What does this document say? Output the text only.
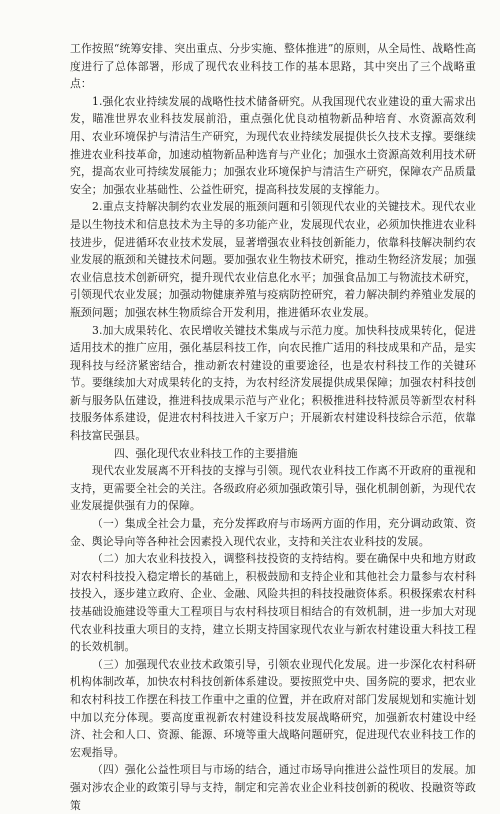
工作按照“统筹安排、突出重点、分步实施、整体推进”的原则，从全局性、战略性高度进行了总体部署，形成了现代农业科技工作的基本思路，其中突出了三个战略重点：

1.强化农业持续发展的战略性技术储备研究。从我国现代农业建设的重大需求出发，瞄准世界农业科技发展前沿，重点强化优良动植物新品种培育、水资源高效利用、农业环境保护与清洁生产研究，为现代农业持续发展提供长久技术支撑。要继续推进农业科技革命，加速动植物新品种选育与产业化；加强水土资源高效利用技术研究，提高农业可持续发展能力；加强农业环境保护与清洁生产研究，保障农产品质量安全；加强农业基础性、公益性研究，提高科技发展的支撑能力。

2.重点支持解决制约农业发展的瓶颈问题和引领现代农业的关键技术。现代农业是以生物技术和信息技术为主导的多功能产业，发展现代农业，必须加快推进农业科技进步，促进循环农业技术发展，显著增强农业科技创新能力，依靠科技解决制约农业发展的瓶颈和关键技术问题。要加强农业生物技术研究，推动生物经济发展；加强农业信息技术创新研究，提升现代农业信息化水平；加强食品加工与物流技术研究，引领现代农业发展；加强动物健康养殖与疫病防控研究，着力解决制约养殖业发展的瓶颈问题；加强农林生物质综合开发利用，推进循环农业发展。

3.加大成果转化、农民增收关键技术集成与示范力度。加快科技成果转化，促进适用技术的推广应用，强化基层科技工作，向农民推广适用的科技成果和产品，是实现科技与经济紧密结合，推动新农村建设的重要途径，也是农村科技工作的关键环节。要继续加大对成果转化的支持，为农村经济发展提供成果保障；加强农村科技创新与服务队伍建设，推进科技成果示范与产业化；积极推进科技特派员等新型农村科技服务体系建设，促进农村科技进入千家万户；开展新农村建设科技综合示范，依靠科技富民强县。

四、强化现代农业科技工作的主要措施

现代农业发展离不开科技的支撑与引领。现代农业科技工作离不开政府的重视和支持，更需要全社会的关注。各级政府必须加强政策引导，强化机制创新，为现代农业发展提供强有力的保障。

（一）集成全社会力量，充分发挥政府与市场两方面的作用，充分调动政策、资金、舆论导向等各种社会因素投入现代农业，支持和关注农业科技的发展。

（二）加大农业科技投入，调整科技投资的支持结构。要在确保中央和地方财政对农村科技投入稳定增长的基础上，积极鼓励和支持企业和其他社会力量参与农村科技投入，逐步建立政府、企业、金融、风险共担的科技投融资体系。积极探索农村科技基础设施建设等重大工程项目与农村科技项目相结合的有效机制，进一步加大对现代农业科技重大项目的支持，建立长期支持国家现代农业与新农村建设重大科技工程的长效机制。

（三）加强现代农业技术政策引导，引领农业现代化发展。进一步深化农村科研机构体制改革，加快农村科技创新体系建设。要按照党中央、国务院的要求，把农业和农村科技工作摆在科技工作重中之重的位置，并在政府对部门发展规划和实施计划中加以充分体现。要高度重视新农村建设科技发展战略研究，加强新农村建设中经济、社会和人口、资源、能源、环境等重大战略问题研究，促进现代农业科技工作的宏观指导。

（四）强化公益性项目与市场的结合，通过市场导向推进公益性项目的发展。加强对涉农企业的政策引导与支持，制定和完善农业企业科技创新的税收、投融资等政策
